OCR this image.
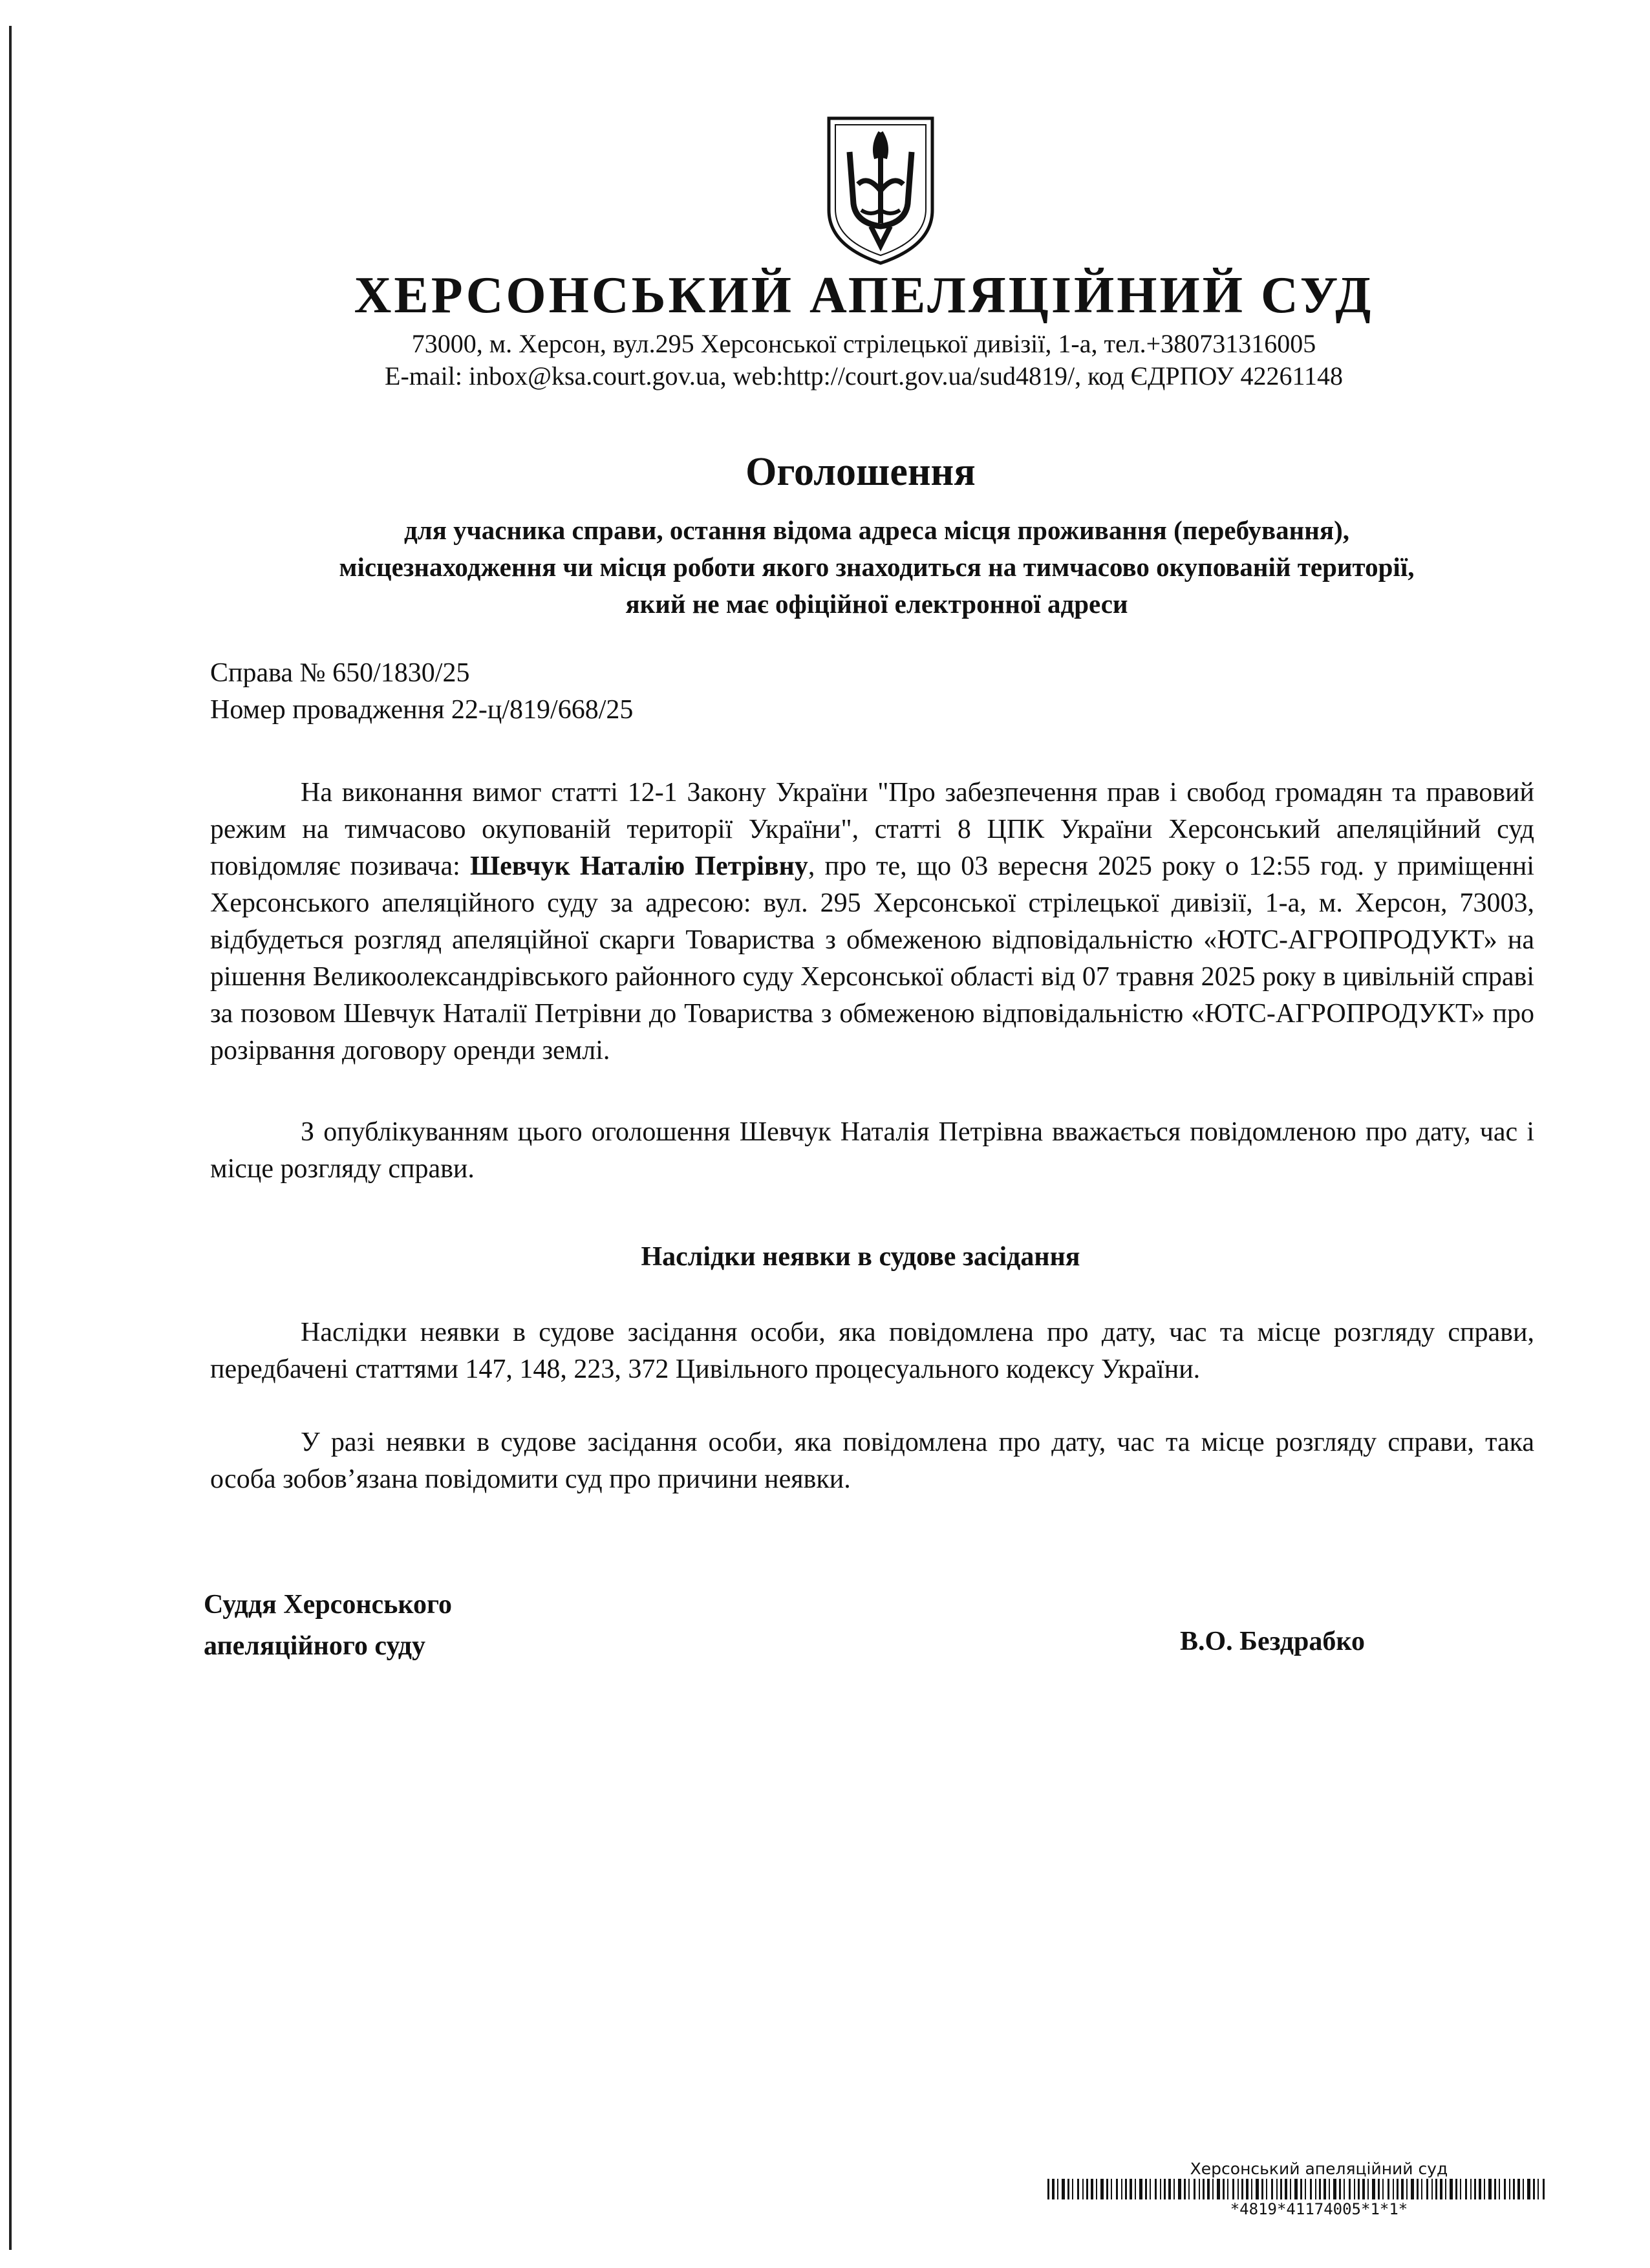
ХЕРСОНСЬКИЙ АПЕЛЯЦІЙНИЙ СУД
73000, м. Херсон, вул.295 Херсонської стрілецької дивізії, 1-а, тел.+380731316005
E-mail: inbox@ksa.court.gov.ua, web:http://court.gov.ua/sud4819/, код ЄДРПОУ 42261148
Оголошення
для учасника справи, остання відома адреса місця проживання (перебування),
місцезнаходження чи місця роботи якого знаходиться на тимчасово окупованій території,
який не має офіційної електронної адреси
Справа № 650/1830/25
Номер провадження 22-ц/819/668/25

На виконання вимог статті 12-1 Закону України "Про забезпечення прав і свобод громадян та правовий режим на тимчасово окупованій території України", статті 8 ЦПК України Херсонський апеляційний суд повідомляє позивача: Шевчук Наталію Петрівну, про те, що 03 вересня 2025 року о 12:55 год. у приміщенні Херсонського апеляційного суду за адресою: вул. 295 Херсонської стрілецької дивізії, 1-а, м. Херсон, 73003, відбудеться розгляд апеляційної скарги Товариства з обмеженою відповідальністю «ЮТС-АГРОПРОДУКТ» на рішення Великоолександрівського районного суду Херсонської області від 07 травня 2025 року в цивільній справі за позовом Шевчук Наталії Петрівни до Товариства з обмеженою відповідальністю «ЮТС-АГРОПРОДУКТ» про розірвання договору оренди землі.

З опублікуванням цього оголошення Шевчук Наталія Петрівна вважається повідомленою про дату, час і місце розгляду справи.

Наслідки неявки в судове засідання

Наслідки неявки в судове засідання особи, яка повідомлена про дату, час та місце розгляду справи, передбачені статтями 147, 148, 223, 372 Цивільного процесуального кодексу України.

У разі неявки в судове засідання особи, яка повідомлена про дату, час та місце розгляду справи, така особа зобов’язана повідомити суд про причини неявки.

Суддя Херсонського
апеляційного суду	В.О. Бездрабко
Херсонський апеляційний суд
*4819*41174005*1*1*
